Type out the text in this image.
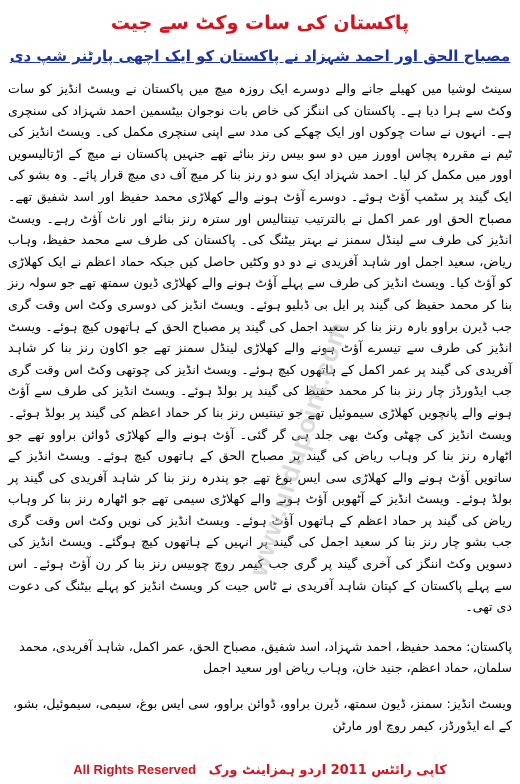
پاکستان کی سات وکٹ سے جیت
مصباح الحق اور احمد شہزاد نے پاکستان کو ایک اچھی پارٹنر شپ دی

سینٹ لوشیا میں کھیلے جانے والے دوسرے ایک روزہ میچ میں پاکستان نے ویسٹ انڈیز کو سات وکٹ سے ہرا دیا ہے۔ پاکستان کی اننگز کی خاص بات نوجوان بیٹسمین احمد شہزاد کی سنچری ہے۔ انہوں نے سات چوکوں اور ایک چھکے کی مدد سے اپنی سنچری مکمل کی۔ ویسٹ انڈیز کی ٹیم نے مقررہ پچاس اوورز میں دو سو بیس رنز بنائے تھے جنہیں پاکستان نے میچ کے اڑتالیسویں اوور میں مکمل کر لیا۔ احمد شہزاد ایک سو دو رنز بنا کر میچ آف دی میچ قرار پائے۔ وہ بشو کی ایک گیند پر سٹمپ آؤٹ ہوئے۔ دوسرے آؤٹ ہونے والے کھلاڑی محمد حفیظ اور اسد شفیق تھے۔ مصباح الحق اور عمر اکمل نے بالترتیب تینتالیس اور سترہ رنز بنائے اور ناٹ آؤٹ رہے۔ ویسٹ انڈیز کی طرف سے لینڈل سمنز نے بہتر بیٹنگ کی۔ پاکستان کی طرف سے محمد حفیظ، وہاب ریاض، سعید اجمل اور شاہد آفریدی نے دو دو وکٹیں حاصل کیں جبکہ حماد اعظم نے ایک کھلاڑی کو آؤٹ کیا۔ ویسٹ انڈیز کی طرف سے پہلے آؤٹ ہونے والے کھلاڑی ڈیون سمتھ تھے جو سولہ رنز بنا کر محمد حفیظ کی گیند پر ایل بی ڈبلیو ہوئے۔ ویسٹ انڈیز کی دوسری وکٹ اس وقت گری جب ڈیرن براوو بارہ رنز بنا کر سعید اجمل کی گیند پر مصباح الحق کے ہاتھوں کیچ ہوئے۔ ویسٹ انڈیز کی طرف سے تیسرے آؤٹ ہونے والے کھلاڑی لینڈل سمنز تھے جو اکاون رنز بنا کر شاہد آفریدی کی گیند پر عمر اکمل کے ہاتھوں کیچ ہوئے۔ ویسٹ انڈیز کی چوتھی وکٹ اس وقت گری جب ایڈورڈز چار رنز بنا کر محمد حفیظ کی گیند پر بولڈ ہوئے۔ ویسٹ انڈیز کی طرف سے آؤٹ ہونے والے پانچویں کھلاڑی سیموئیل تھے جو تینتیس رنز بنا کر حماد اعظم کی گیند پر بولڈ ہوئے۔ ویسٹ انڈیز کی چھٹی وکٹ بھی جلد ہی گر گئی۔ آؤٹ ہونے والے کھلاڑی ڈوائن براوو تھے جو اٹھارہ رنز بنا کر وہاب ریاض کی گیند پر مصباح الحق کے ہاتھوں کیچ ہوئے۔ ویسٹ انڈیز کے ساتویں آؤٹ ہونے والے کھلاڑی سی ایس بوغ تھے جو پندرہ رنز بنا کر شاہد آفریدی کی گیند پر بولڈ ہوئے۔ ویسٹ انڈیز کے آٹھویں آؤٹ ہونے والے کھلاڑی سیمی تھے جو اٹھارہ رنز بنا کر وہاب ریاض کی گیند پر حماد اعظم کے ہاتھوں آؤٹ ہوئے۔ ویسٹ انڈیز کی نویں وکٹ اس وقت گری جب بشو چار رنز بنا کر سعید اجمل کی گیند پر انہیں کے ہاتھوں کیچ ہوگئے۔ ویسٹ انڈیز کی دسویں وکٹ اننگز کی آخری گیند پر گری جب کیمر روچ چوبیس رنز بنا کر رن آؤٹ ہوئے۔ اس سے پہلے پاکستان کے کپتان شاہد آفریدی نے ٹاس جیت کر ویسٹ انڈیز کو پہلے بیٹنگ کی دعوت دی تھی۔

www.urdupoint.com

پاکستان: محمد حفیظ، احمد شہزاد، اسد شفیق، مصباح الحق، عمر اکمل، شاہد آفریدی، محمد سلمان، حماد اعظم، جنید خان، وہاب ریاض اور سعید اجمل

ویسٹ انڈیز: سمنز، ڈیون سمتھ، ڈیرن براوو، ڈوائن براوو، سی ایس بوغ، سیمی، سیموئیل، بشو، کے اے ایڈورڈز، کیمر روچ اور مارٹن

All Rights Reserved کاپی رائٹس 2011 اردو ہمزاینٹ ورک
